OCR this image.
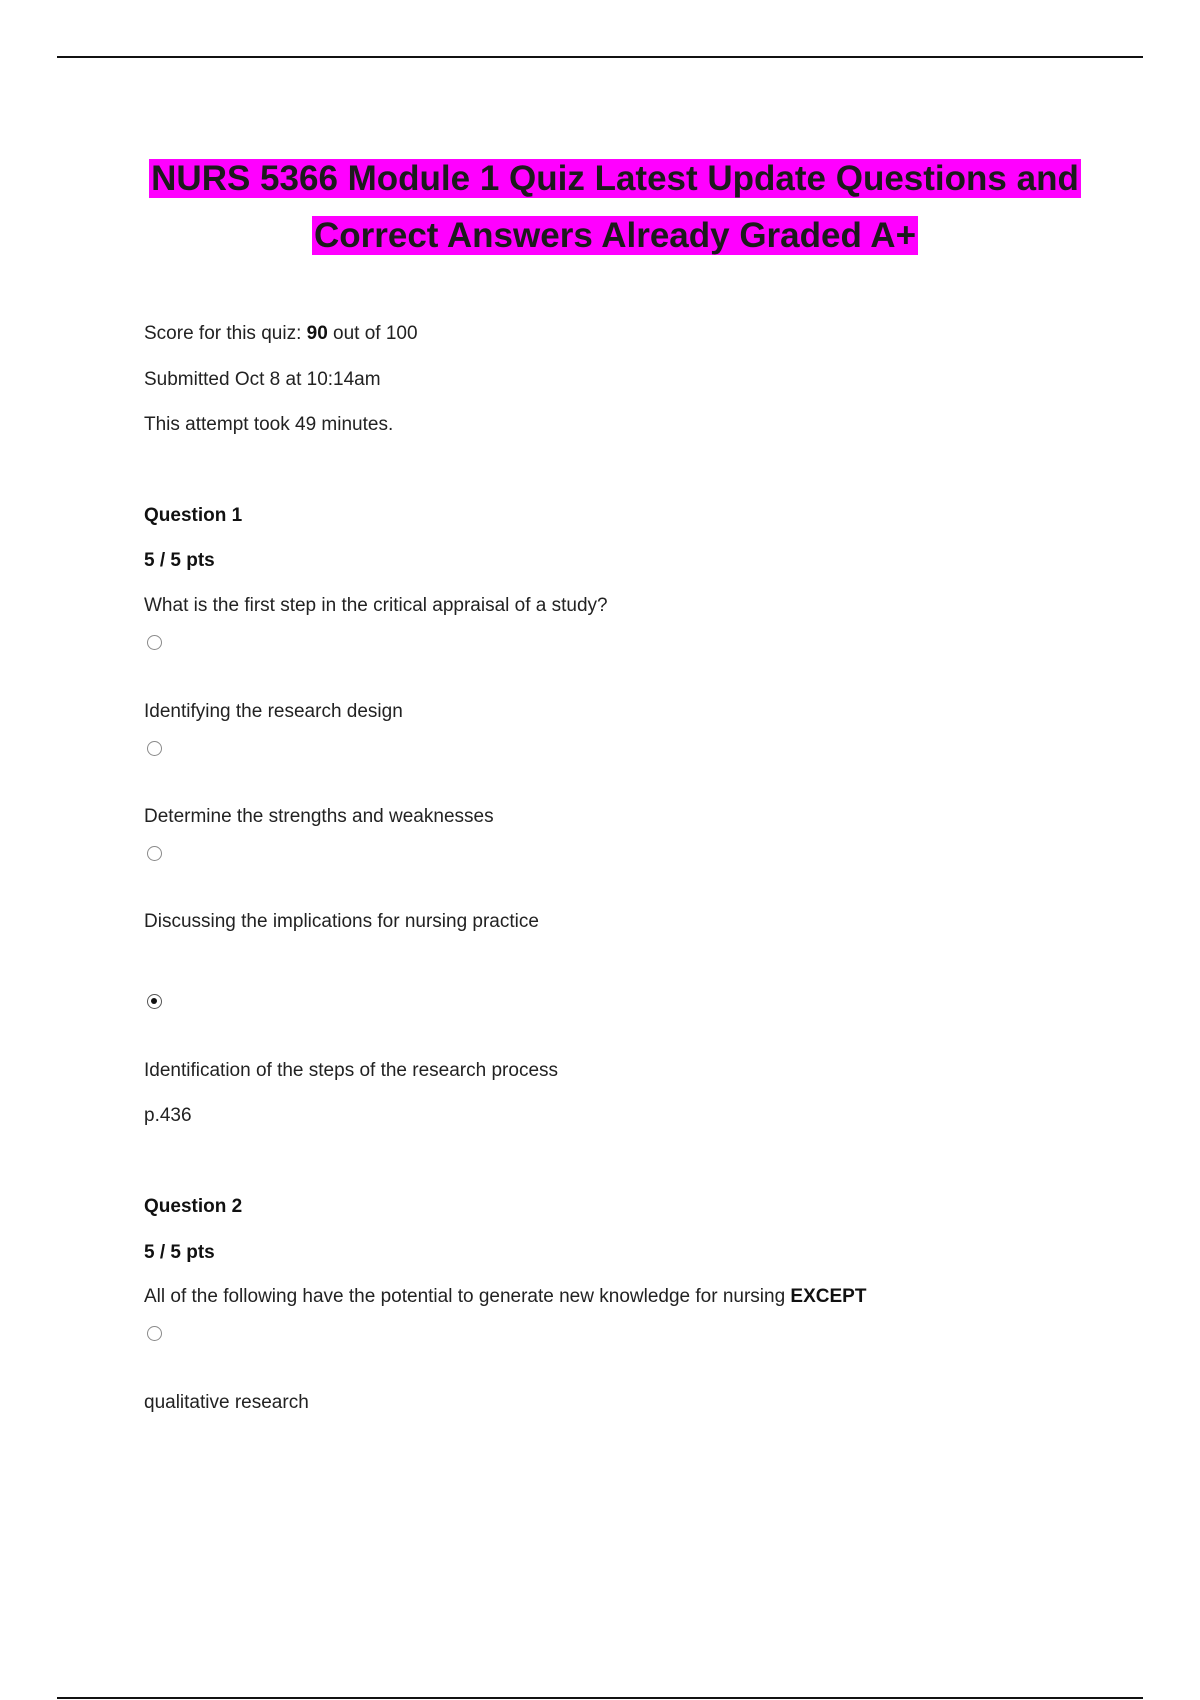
NURS 5366 Module 1 Quiz Latest Update Questions and
Correct Answers Already Graded A+
Score for this quiz: 90 out of 100
Submitted Oct 8 at 10:14am
This attempt took 49 minutes.
Question 1
5 / 5 pts
What is the first step in the critical appraisal of a study?
Identifying the research design
Determine the strengths and weaknesses
Discussing the implications for nursing practice
Identification of the steps of the research process
p.436
Question 2
5 / 5 pts
All of the following have the potential to generate new knowledge for nursing EXCEPT
qualitative research
